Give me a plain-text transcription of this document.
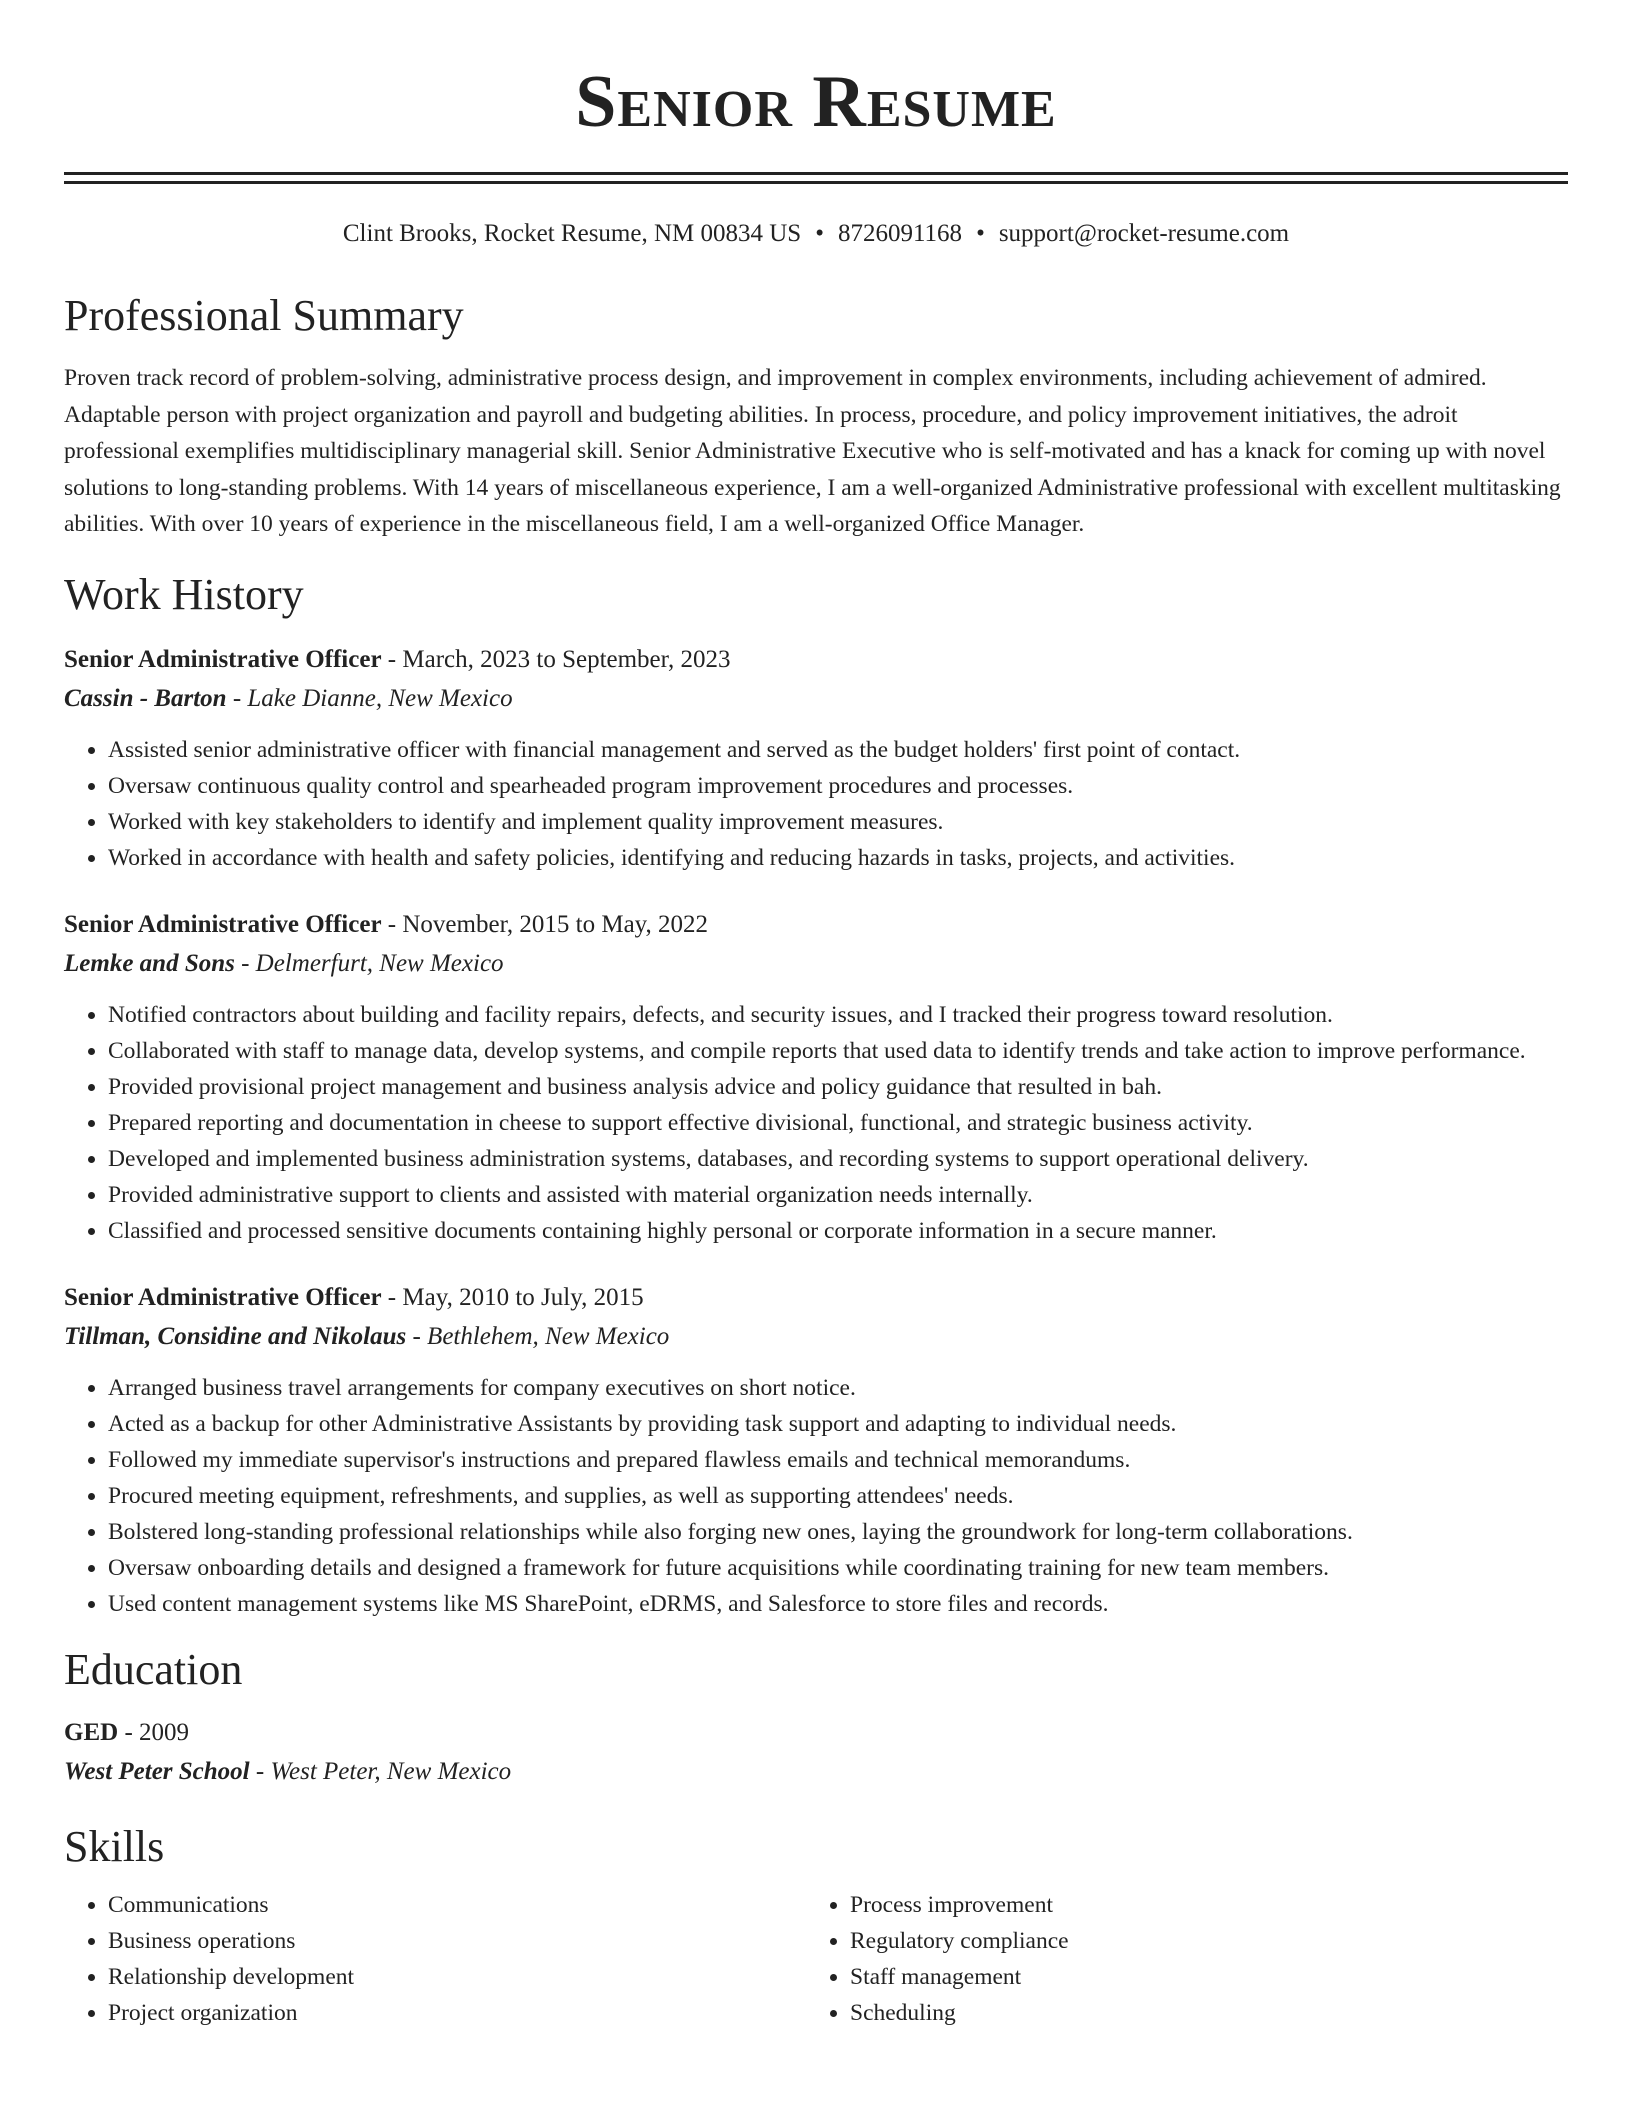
Senior Resume
Clint Brooks, Rocket Resume, NM 00834 US • 8726091168 • support@rocket-resume.com
Professional Summary

Proven track record of problem-solving, administrative process design, and improvement in complex environments, including achievement of admired. Adaptable person with project organization and payroll and budgeting abilities. In process, procedure, and policy improvement initiatives, the adroit professional exemplifies multidisciplinary managerial skill. Senior Administrative Executive who is self-motivated and has a knack for coming up with novel solutions to long-standing problems. With 14 years of miscellaneous experience, I am a well-organized Administrative professional with excellent multitasking abilities. With over 10 years of experience in the miscellaneous field, I am a well-organized Office Manager.

Work History
Senior Administrative Officer - March, 2023 to September, 2023
Cassin - Barton - Lake Dianne, New Mexico
• Assisted senior administrative officer with financial management and served as the budget holders' first point of contact.
• Oversaw continuous quality control and spearheaded program improvement procedures and processes.
• Worked with key stakeholders to identify and implement quality improvement measures.
• Worked in accordance with health and safety policies, identifying and reducing hazards in tasks, projects, and activities.
Senior Administrative Officer - November, 2015 to May, 2022
Lemke and Sons - Delmerfurt, New Mexico
• Notified contractors about building and facility repairs, defects, and security issues, and I tracked their progress toward resolution.
• Collaborated with staff to manage data, develop systems, and compile reports that used data to identify trends and take action to improve performance.
• Provided provisional project management and business analysis advice and policy guidance that resulted in bah.
• Prepared reporting and documentation in cheese to support effective divisional, functional, and strategic business activity.
• Developed and implemented business administration systems, databases, and recording systems to support operational delivery.
• Provided administrative support to clients and assisted with material organization needs internally.
• Classified and processed sensitive documents containing highly personal or corporate information in a secure manner.
Senior Administrative Officer - May, 2010 to July, 2015
Tillman, Considine and Nikolaus - Bethlehem, New Mexico
• Arranged business travel arrangements for company executives on short notice.
• Acted as a backup for other Administrative Assistants by providing task support and adapting to individual needs.
• Followed my immediate supervisor's instructions and prepared flawless emails and technical memorandums.
• Procured meeting equipment, refreshments, and supplies, as well as supporting attendees' needs.
• Bolstered long-standing professional relationships while also forging new ones, laying the groundwork for long-term collaborations.
• Oversaw onboarding details and designed a framework for future acquisitions while coordinating training for new team members.
• Used content management systems like MS SharePoint, eDRMS, and Salesforce to store files and records.
Education
GED - 2009
West Peter School - West Peter, New Mexico
Skills
• Communications
• Business operations
• Relationship development
• Project organization
• Process improvement
• Regulatory compliance
• Staff management
• Scheduling
